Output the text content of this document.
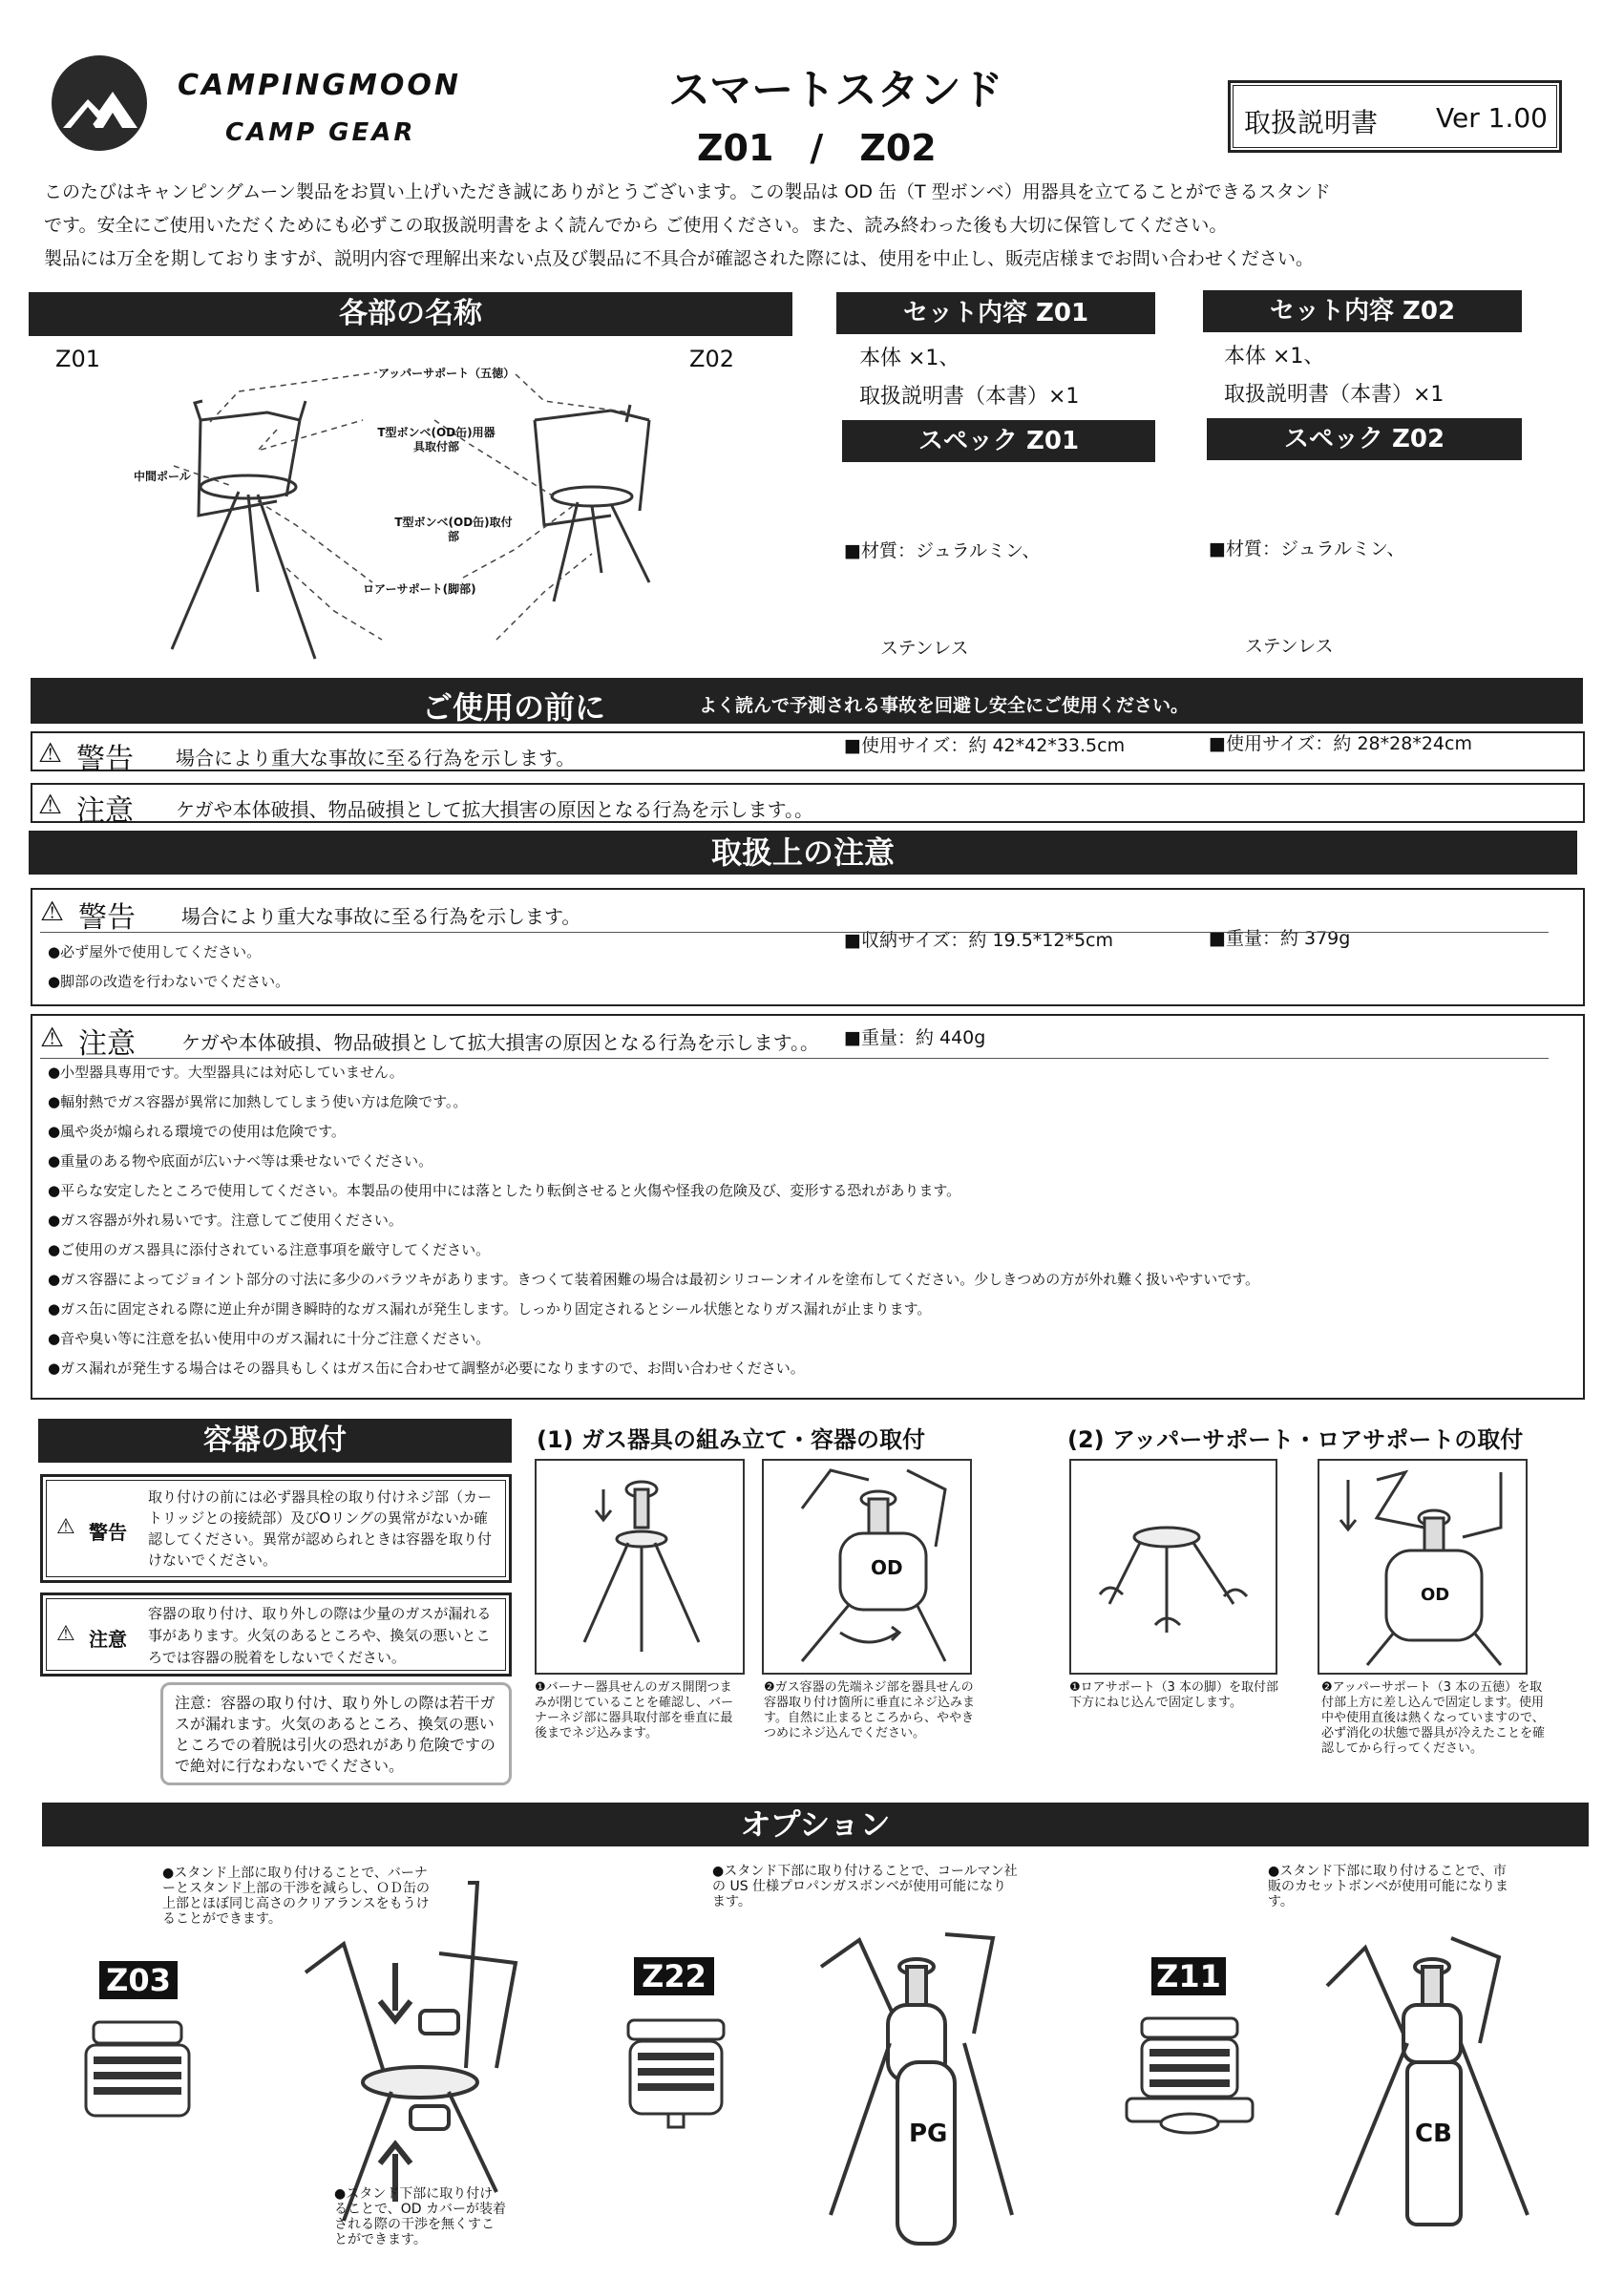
CAMPINGMOON
CAMP GEAR
スマートスタンド
Z01　/　Z02
取扱説明書 Ver 1.00
このたびはキャンピングムーン製品をお買い上げいただき誠にありがとうございます。この製品は OD 缶（T 型ボンベ）用器具を立てることができるスタンド
です。安全にご使用いただくためにも必ずこの取扱説明書をよく読んでから ご使用ください。また、読み終わった後も大切に保管してください。
製品には万全を期しておりますが、説明内容で理解出来ない点及び製品に不具合が確認された際には、使用を中止し、販売店様までお問い合わせください。
各部の名称
Z01	Z02
アッパーサポート（五徳）
T型ボンベ(OD缶)用器具取付部
中間ポール
T型ボンベ(OD缶)取付部
ロアーサポート(脚部)
セット内容 Z01
本体 ×1、
取扱説明書（本書）×1
スペック Z01

■材質：ジュラルミン、

　　ステンレス

■使用サイズ：約 42*42*33.5cm

■収納サイズ：約 19.5*12*5cm

■重量：約 440g

セット内容 Z02
本体 ×1、
取扱説明書（本書）×1
スペック Z02

■材質：ジュラルミン、

　　ステンレス

■使用サイズ：約 28*28*24cm

■重量：約 379g

ご使用の前に	よく読んで予測される事故を回避し安全にご使用ください。
⚠ 警告 場合により重大な事故に至る行為を示します。
⚠ 注意 ケガや本体破損、物品破損として拡大損害の原因となる行為を示します。。
取扱上の注意
⚠ 警告 場合により重大な事故に至る行為を示します。
●必ず屋外で使用してください。
●脚部の改造を行わないでください。
⚠ 注意 ケガや本体破損、物品破損として拡大損害の原因となる行為を示します。。
●小型器具専用です。大型器具には対応していません。
●輻射熱でガス容器が異常に加熱してしまう使い方は危険です。。
●風や炎が煽られる環境での使用は危険です。
●重量のある物や底面が広いナベ等は乗せないでください。
●平らな安定したところで使用してください。本製品の使用中には落としたり転倒させると火傷や怪我の危険及び、変形する恐れがあります。
●ガス容器が外れ易いです。注意してご使用ください。
●ご使用のガス器具に添付されている注意事項を厳守してください。
●ガス容器によってジョイント部分の寸法に多少のバラツキがあります。きつくて装着困難の場合は最初シリコーンオイルを塗布してください。少しきつめの方が外れ難く扱いやすいです。
●ガス缶に固定される際に逆止弁が開き瞬時的なガス漏れが発生します。しっかり固定されるとシール状態となりガス漏れが止まります。
●音や臭い等に注意を払い使用中のガス漏れに十分ご注意ください。
●ガス漏れが発生する場合はその器具もしくはガス缶に合わせて調整が必要になりますので、お問い合わせください。
容器の取付
⚠ 警告
取り付けの前には必ず器具栓の取り付けネジ部（カートリッジとの接続部）及びOリングの異常がないか確認してください。異常が認められときは容器を取り付けないでください。
⚠ 注意
容器の取り付け、取り外しの際は少量のガスが漏れる事があります。火気のあるところや、換気の悪いところでは容器の脱着をしないでください。
注意：容器の取り付け、取り外しの際は若干ガスが漏れます。火気のあるところ、換気の悪いところでの着脱は引火の恐れがあり危険ですので絶対に行なわないでください。
(1) ガス器具の組み立て・容器の取付
OD
❶バーナー器具せんのガス開閉つまみが閉じていることを確認し、バーナーネジ部に器具取付部を垂直に最後までネジ込みます。
❷ガス容器の先端ネジ部を器具せんの容器取り付け箇所に垂直にネジ込みます。自然に止まるところから、ややきつめにネジ込んでください。
(2) アッパーサポート・ロアサポートの取付
OD
❶ロアサポート（3 本の脚）を取付部下方にねじ込んで固定します。
❷アッパーサポート（3 本の五徳）を取付部上方に差し込んで固定します。使用中や使用直後は熱くなっていますので、必ず消化の状態で器具が冷えたことを確認してから行ってください。
オプション
●スタンド上部に取り付けることで、バーナーとスタンド上部の干渉を減らし、ＯＤ缶の上部とほぼ同じ高さのクリアランスをもうけることができます。
Z03
●スタンド下部に取り付けることで、OD カバーが装着される際の干渉を無くすことができます。
●スタンド下部に取り付けることで、コールマン社の US 仕様プロパンガスボンベが使用可能になります。
Z22
PG
●スタンド下部に取り付けることで、市販のカセットボンベが使用可能になります。
Z11
CB
